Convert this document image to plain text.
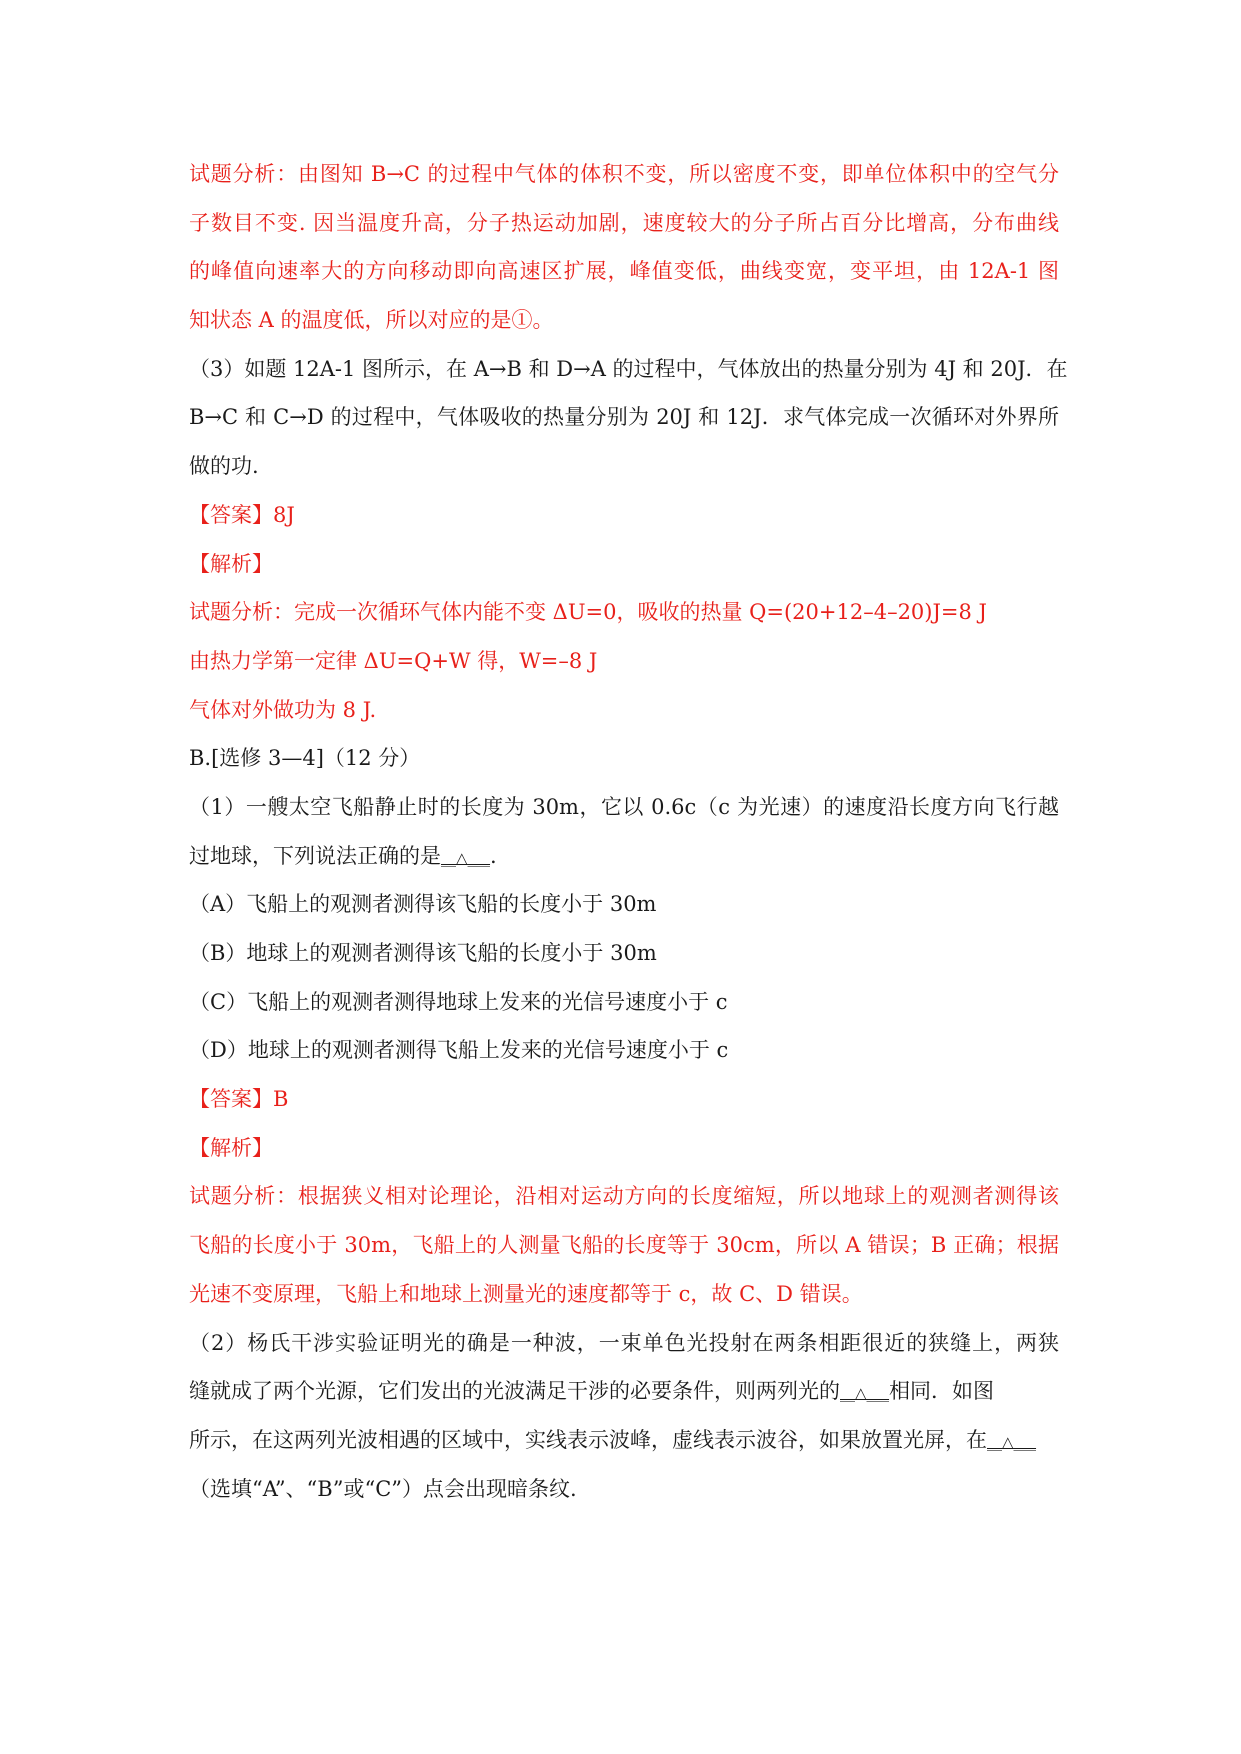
试题分析：由图知 B→C 的过程中气体的体积不变，所以密度不变，即单位体积中的空气分
子数目不变. 因当温度升高，分子热运动加剧，速度较大的分子所占百分比增高，分布曲线
的峰值向速率大的方向移动即向高速区扩展，峰值变低，曲线变宽，变平坦，由 12A-1 图
知状态 A 的温度低，所以对应的是①。
（3）如题 12A-1 图所示，在 A→B 和 D→A 的过程中，气体放出的热量分别为 4J 和 20J．在
B→C 和 C→D 的过程中，气体吸收的热量分别为 20J 和 12J．求气体完成一次循环对外界所
做的功.
【答案】8J
【解析】
试题分析：完成一次循环气体内能不变 ΔU=0，吸收的热量 Q=(20+12–4–20)J=8 J
由热力学第一定律 ΔU=Q+W 得，W=–8 J
气体对外做功为 8 J.
B.[选修 3—4]（12 分）
（1）一艘太空飞船静止时的长度为 30m，它以 0.6c（c 为光速）的速度沿长度方向飞行越
过地球，下列说法正确的是__△___.
（A）飞船上的观测者测得该飞船的长度小于 30m
（B）地球上的观测者测得该飞船的长度小于 30m
（C）飞船上的观测者测得地球上发来的光信号速度小于 c
（D）地球上的观测者测得飞船上发来的光信号速度小于 c
【答案】B
【解析】
试题分析：根据狭义相对论理论，沿相对运动方向的长度缩短，所以地球上的观测者测得该
飞船的长度小于 30m，飞船上的人测量飞船的长度等于 30cm，所以 A 错误；B 正确；根据
光速不变原理，飞船上和地球上测量光的速度都等于 c，故 C、D 错误。
（2）杨氏干涉实验证明光的确是一种波，一束单色光投射在两条相距很近的狭缝上，两狭
缝就成了两个光源，它们发出的光波满足干涉的必要条件，则两列光的__△___相同．如图
所示，在这两列光波相遇的区域中，实线表示波峰，虚线表示波谷，如果放置光屏，在__△___
（选填“A”、“B”或“C”）点会出现暗条纹.
